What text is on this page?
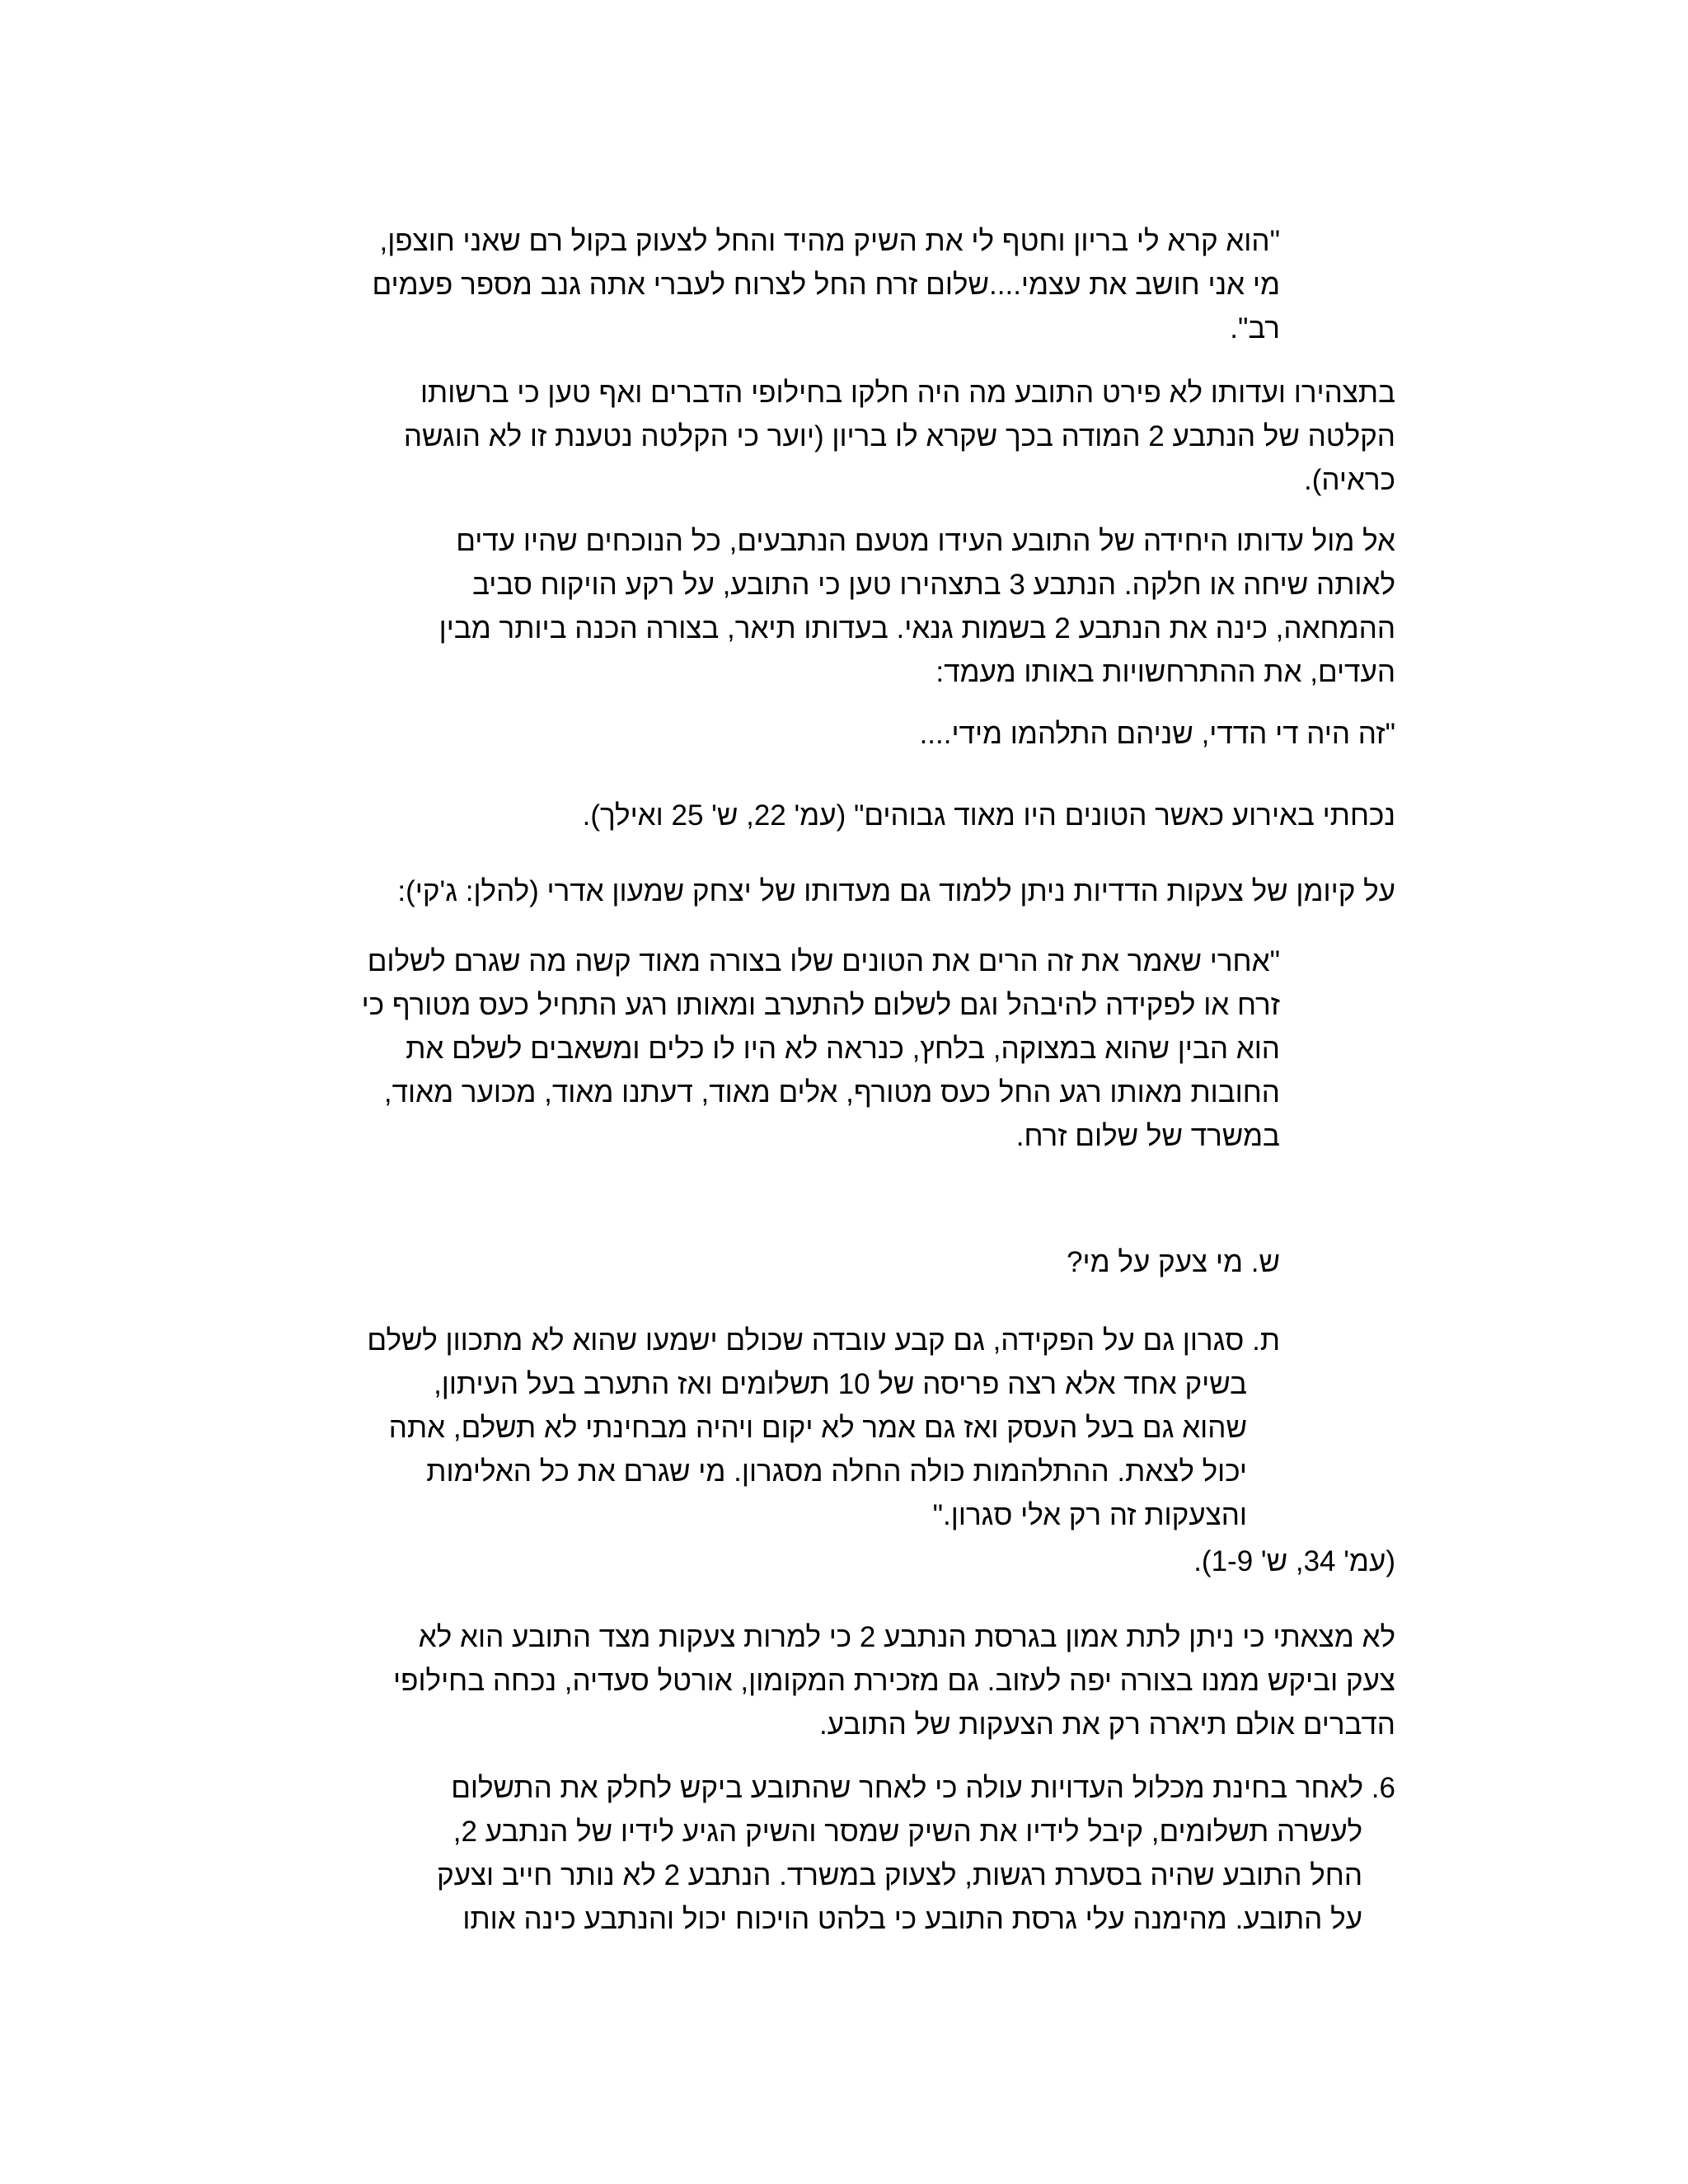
"הוא קרא לי בריון וחטף לי את השיק מהיד והחל לצעוק בקול רם שאני חוצפן,
מי אני חושב את עצמי....שלום זרח החל לצרוח לעברי אתה גנב מספר פעמים
רב".

בתצהירו ועדותו לא פירט התובע מה היה חלקו בחילופי הדברים ואף טען כי ברשותו
הקלטה של הנתבע 2 המודה בכך שקרא לו בריון (יוער כי הקלטה נטענת זו לא הוגשה
כראיה).

אל מול עדותו היחידה של התובע העידו מטעם הנתבעים, כל הנוכחים שהיו עדים
לאותה שיחה או חלקה. הנתבע 3 בתצהירו טען כי התובע, על רקע הויקוח סביב
ההמחאה, כינה את הנתבע 2 בשמות גנאי. בעדותו תיאר, בצורה הכנה ביותר מבין
העדים, את ההתרחשויות באותו מעמד:

"זה היה די הדדי, שניהם התלהמו מידי....

נכחתי באירוע כאשר הטונים היו מאוד גבוהים" (עמ' 22, ש' 25 ואילך).

על קיומן של צעקות הדדיות ניתן ללמוד גם מעדותו של יצחק שמעון אדרי (להלן: ג'קי):

"אחרי שאמר את זה הרים את הטונים שלו בצורה מאוד קשה מה שגרם לשלום
זרח או לפקידה להיבהל וגם לשלום להתערב ומאותו רגע התחיל כעס מטורף כי
הוא הבין שהוא במצוקה, בלחץ, כנראה לא היו לו כלים ומשאבים לשלם את
החובות מאותו רגע החל כעס מטורף, אלים מאוד, דעתנו מאוד, מכוער מאוד,
במשרד של שלום זרח.

ש. מי צעק על מי?

ת. סגרון גם על הפקידה, גם קבע עובדה שכולם ישמעו שהוא לא מתכוון לשלם
בשיק אחד אלא רצה פריסה של 10 תשלומים ואז התערב בעל העיתון,
שהוא גם בעל העסק ואז גם אמר לא יקום ויהיה מבחינתי לא תשלם, אתה
יכול לצאת. ההתלהמות כולה החלה מסגרון. מי שגרם את כל האלימות
והצעקות זה רק אלי סגרון."

(עמ' 34, ש' 1-9).

לא מצאתי כי ניתן לתת אמון בגרסת הנתבע 2 כי למרות צעקות מצד התובע הוא לא
צעק וביקש ממנו בצורה יפה לעזוב. גם מזכירת המקומון, אורטל סעדיה, נכחה בחילופי
הדברים אולם תיארה רק את הצעקות של התובע.

6. לאחר בחינת מכלול העדויות עולה כי לאחר שהתובע ביקש לחלק את התשלום
לעשרה תשלומים, קיבל לידיו את השיק שמסר והשיק הגיע לידיו של הנתבע 2,
החל התובע שהיה בסערת רגשות, לצעוק במשרד. הנתבע 2 לא נותר חייב וצעק
על התובע. מהימנה עלי גרסת התובע כי בלהט הויכוח יכול והנתבע כינה אותו
